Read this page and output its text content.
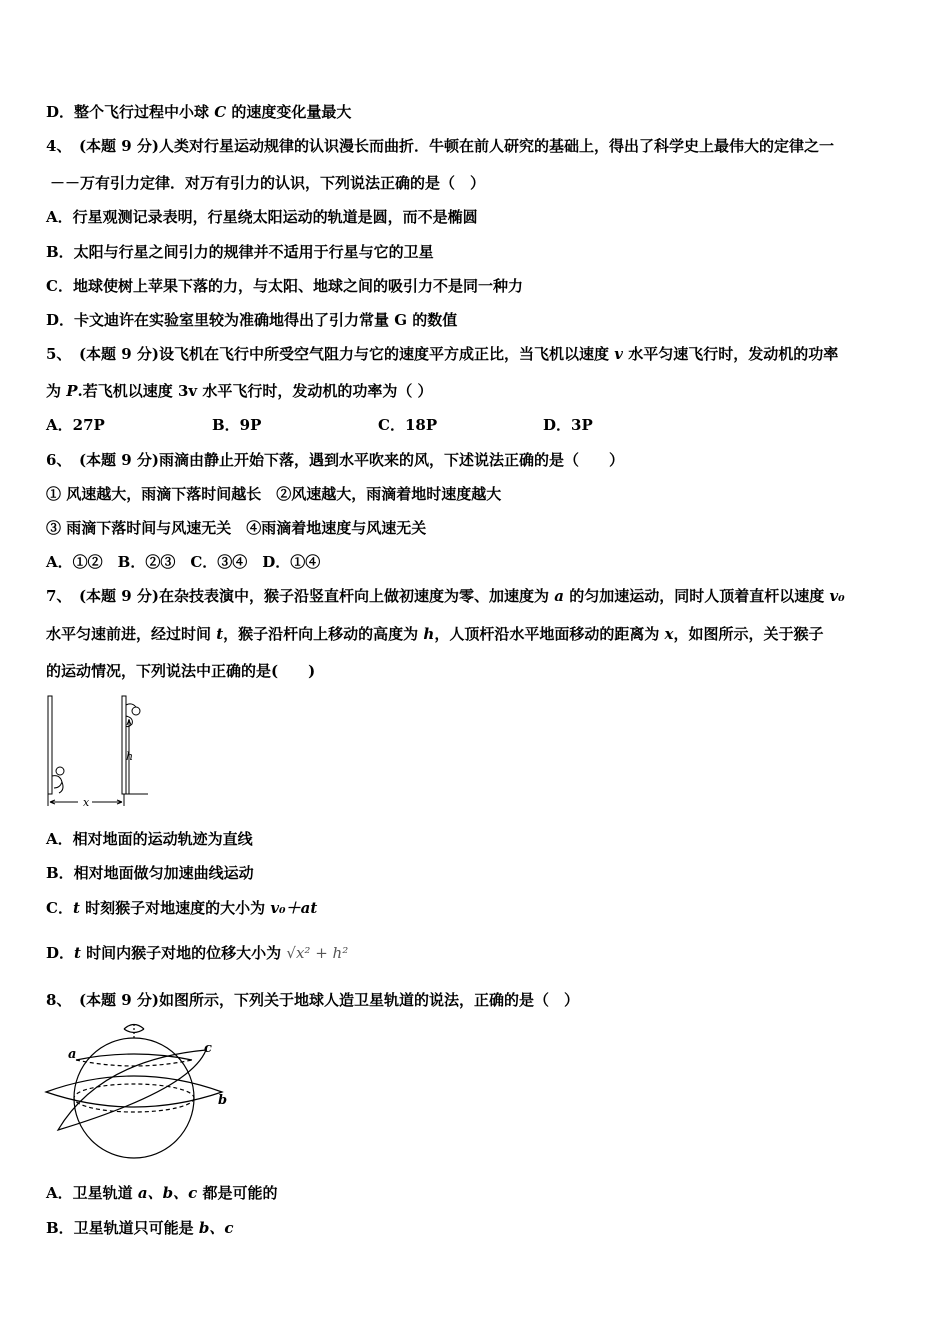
D．整个飞行过程中小球 C 的速度变化量最大
4、　 (本题 9 分)人类对行星运动规律的认识漫长而曲折．牛顿在前人研究的基础上，得出了科学史上最伟大的定律之一
－－万有引力定律．对万有引力的认识，下列说法正确的是（　）
A．行星观测记录表明，行星绕太阳运动的轨道是圆，而不是椭圆
B．太阳与行星之间引力的规律并不适用于行星与它的卫星
C．地球使树上苹果下落的力，与太阳、地球之间的吸引力不是同一种力
D．卡文迪许在实验室里较为准确地得出了引力常量 G 的数值
5、　 (本题 9 分)设飞机在飞行中所受空气阻力与它的速度平方成正比，当飞机以速度 v 水平匀速飞行时，发动机的功率
为 P.若飞机以速度 3v 水平飞行时，发动机的功率为（ ）
A．27P	B．9P	C．18P	D．3P
6、　 (本题 9 分)雨滴由静止开始下落，遇到水平吹来的风，下述说法正确的是（　　）
① 风速越大，雨滴下落时间越长　②风速越大，雨滴着地时速度越大
③ 雨滴下落时间与风速无关　④雨滴着地速度与风速无关
A．①②　B．②③　C．③④　D．①④
7、　 (本题 9 分)在杂技表演中，猴子沿竖直杆向上做初速度为零、加速度为 a 的匀加速运动，同时人顶着直杆以速度 v₀
水平匀速前进，经过时间 t，猴子沿杆向上移动的高度为 h，人顶杆沿水平地面移动的距离为 x，如图所示，关于猴子
的运动情况，下列说法中正确的是(　　)
h
x
A．相对地面的运动轨迹为直线
B．相对地面做匀加速曲线运动
C．t 时刻猴子对地速度的大小为 v₀＋at
D．t 时间内猴子对地的位移大小为 √x² + h²
8、　 (本题 9 分)如图所示，下列关于地球人造卫星轨道的说法，正确的是（　）
a
b
c
A．卫星轨道 a、b、c 都是可能的
B．卫星轨道只可能是 b、c
